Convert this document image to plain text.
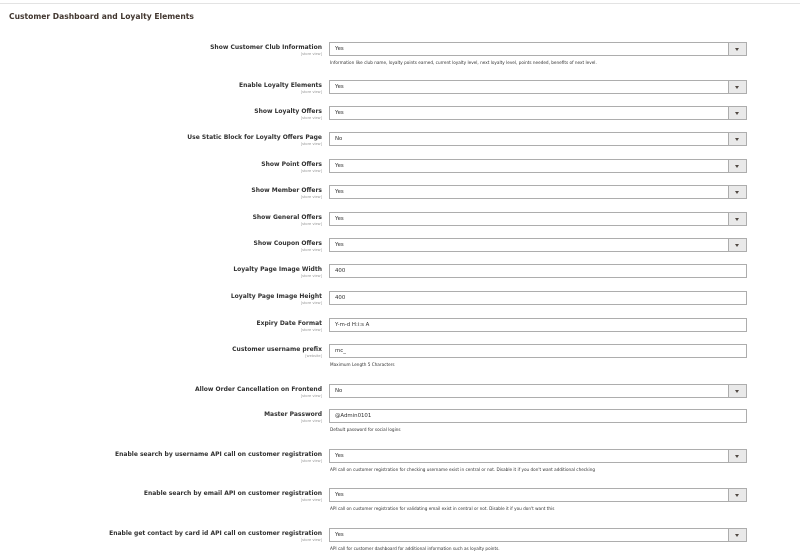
Customer Dashboard and Loyalty Elements
Show Customer Club Information
[store view]
Yes
Information like club name, loyalty points earned, current loyalty level, next loyalty level, points needed, benefits of next level.
Enable Loyalty Elements
[store view]
Yes
Show Loyalty Offers
[store view]
Yes
Use Static Block for Loyalty Offers Page
[store view]
No
Show Point Offers
[store view]
Yes
Show Member Offers
[store view]
Yes
Show General Offers
[store view]
Yes
Show Coupon Offers
[store view]
Yes
Loyalty Page Image Width
[store view]
400
Loyalty Page Image Height
[store view]
400
Expiry Date Format
[store view]
Y-m-d H:i:s A
Customer username prefix
[website]
mc_
Maximum Length 5 Characters
Allow Order Cancellation on Frontend
[store view]
No
Master Password
[store view]
@Admin0101
Default password for social logins
Enable search by username API call on customer registration
[store view]
Yes
API call on customer registration for checking username exist in central or not. Disable it if you don't want additional checking
Enable search by email API on customer registration
[store view]
Yes
API call on customer registration for validating email exist in central or not. Disable it if you don't want this
Enable get contact by card id API call on customer registration
[store view]
Yes
API call for customer dashboard for additional information such as loyalty points.
